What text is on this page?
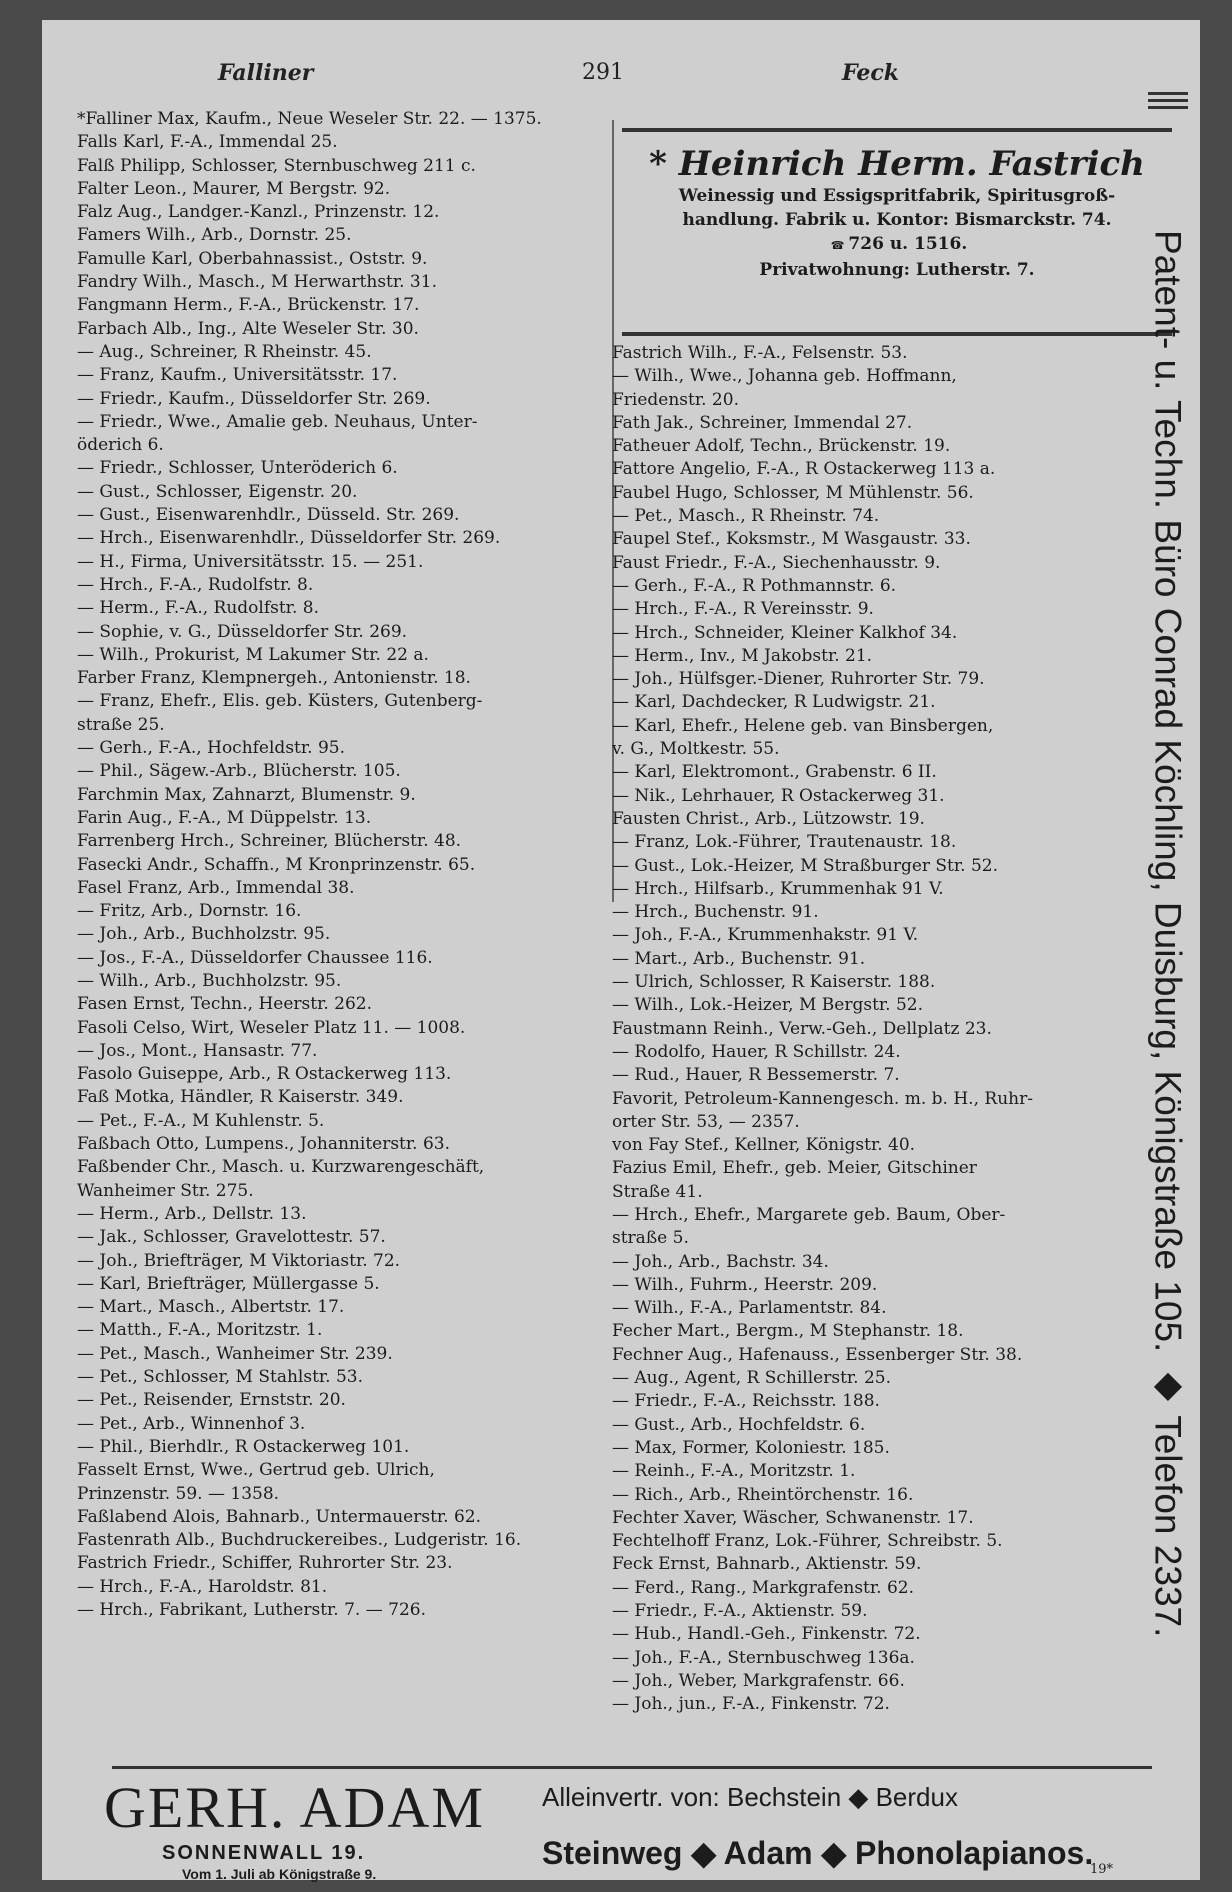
Falliner	291	Feck
*Falliner Max, Kaufm., Neue Weseler Str. 22. — 1375.
Falls Karl, F.-A., Immendal 25.
Falß Philipp, Schlosser, Sternbuschweg 211 c.
Falter Leon., Maurer, M Bergstr. 92.
Falz Aug., Landger.-Kanzl., Prinzenstr. 12.
Famers Wilh., Arb., Dornstr. 25.
Famulle Karl, Oberbahnassist., Oststr. 9.
Fandry Wilh., Masch., M Herwarthstr. 31.
Fangmann Herm., F.-A., Brückenstr. 17.
Farbach Alb., Ing., Alte Weseler Str. 30.
— Aug., Schreiner, R Rheinstr. 45.
— Franz, Kaufm., Universitätsstr. 17.
— Friedr., Kaufm., Düsseldorfer Str. 269.
— Friedr., Wwe., Amalie geb. Neuhaus, Unter-
öderich 6.
— Friedr., Schlosser, Unteröderich 6.
— Gust., Schlosser, Eigenstr. 20.
— Gust., Eisenwarenhdlr., Düsseld. Str. 269.
— Hrch., Eisenwarenhdlr., Düsseldorfer Str. 269.
— H., Firma, Universitätsstr. 15. — 251.
— Hrch., F.-A., Rudolfstr. 8.
— Herm., F.-A., Rudolfstr. 8.
— Sophie, v. G., Düsseldorfer Str. 269.
— Wilh., Prokurist, M Lakumer Str. 22 a.
Farber Franz, Klempnergeh., Antonienstr. 18.
— Franz, Ehefr., Elis. geb. Küsters, Gutenberg-
straße 25.
— Gerh., F.-A., Hochfeldstr. 95.
— Phil., Sägew.-Arb., Blücherstr. 105.
Farchmin Max, Zahnarzt, Blumenstr. 9.
Farin Aug., F.-A., M Düppelstr. 13.
Farrenberg Hrch., Schreiner, Blücherstr. 48.
Fasecki Andr., Schaffn., M Kronprinzenstr. 65.
Fasel Franz, Arb., Immendal 38.
— Fritz, Arb., Dornstr. 16.
— Joh., Arb., Buchholzstr. 95.
— Jos., F.-A., Düsseldorfer Chaussee 116.
— Wilh., Arb., Buchholzstr. 95.
Fasen Ernst, Techn., Heerstr. 262.
Fasoli Celso, Wirt, Weseler Platz 11. — 1008.
— Jos., Mont., Hansastr. 77.
Fasolo Guiseppe, Arb., R Ostackerweg 113.
Faß Motka, Händler, R Kaiserstr. 349.
— Pet., F.-A., M Kuhlenstr. 5.
Faßbach Otto, Lumpens., Johanniterstr. 63.
Faßbender Chr., Masch. u. Kurzwarengeschäft,
Wanheimer Str. 275.
— Herm., Arb., Dellstr. 13.
— Jak., Schlosser, Gravelottestr. 57.
— Joh., Briefträger, M Viktoriastr. 72.
— Karl, Briefträger, Müllergasse 5.
— Mart., Masch., Albertstr. 17.
— Matth., F.-A., Moritzstr. 1.
— Pet., Masch., Wanheimer Str. 239.
— Pet., Schlosser, M Stahlstr. 53.
— Pet., Reisender, Ernststr. 20.
— Pet., Arb., Winnenhof 3.
— Phil., Bierhdlr., R Ostackerweg 101.
Fasselt Ernst, Wwe., Gertrud geb. Ulrich,
Prinzenstr. 59. — 1358.
Faßlabend Alois, Bahnarb., Untermauerstr. 62.
Fastenrath Alb., Buchdruckereibes., Ludgeristr. 16.
Fastrich Friedr., Schiffer, Ruhrorter Str. 23.
— Hrch., F.-A., Haroldstr. 81.
— Hrch., Fabrikant, Lutherstr. 7. — 726.
* Heinrich Herm. Fastrich
Weinessig und Essigspritfabrik, Spiritusgroß-
handlung. Fabrik u. Kontor: Bismarckstr. 74.
☎ 726 u. 1516.
Privatwohnung: Lutherstr. 7.
Fastrich Wilh., F.-A., Felsenstr. 53.
— Wilh., Wwe., Johanna geb. Hoffmann,
Friedenstr. 20.
Fath Jak., Schreiner, Immendal 27.
Fatheuer Adolf, Techn., Brückenstr. 19.
Fattore Angelio, F.-A., R Ostackerweg 113 a.
Faubel Hugo, Schlosser, M Mühlenstr. 56.
— Pet., Masch., R Rheinstr. 74.
Faupel Stef., Koksmstr., M Wasgaustr. 33.
Faust Friedr., F.-A., Siechenhausstr. 9.
— Gerh., F.-A., R Pothmannstr. 6.
— Hrch., F.-A., R Vereinsstr. 9.
— Hrch., Schneider, Kleiner Kalkhof 34.
— Herm., Inv., M Jakobstr. 21.
— Joh., Hülfsger.-Diener, Ruhrorter Str. 79.
— Karl, Dachdecker, R Ludwigstr. 21.
— Karl, Ehefr., Helene geb. van Binsbergen,
v. G., Moltkestr. 55.
— Karl, Elektromont., Grabenstr. 6 II.
— Nik., Lehrhauer, R Ostackerweg 31.
Fausten Christ., Arb., Lützowstr. 19.
— Franz, Lok.-Führer, Trautenaustr. 18.
— Gust., Lok.-Heizer, M Straßburger Str. 52.
— Hrch., Hilfsarb., Krummenhak 91 V.
— Hrch., Buchenstr. 91.
— Joh., F.-A., Krummenhakstr. 91 V.
— Mart., Arb., Buchenstr. 91.
— Ulrich, Schlosser, R Kaiserstr. 188.
— Wilh., Lok.-Heizer, M Bergstr. 52.
Faustmann Reinh., Verw.-Geh., Dellplatz 23.
— Rodolfo, Hauer, R Schillstr. 24.
— Rud., Hauer, R Bessemerstr. 7.
Favorit, Petroleum-Kannengesch. m. b. H., Ruhr-
orter Str. 53, — 2357.
von Fay Stef., Kellner, Königstr. 40.
Fazius Emil, Ehefr., geb. Meier, Gitschiner
Straße 41.
— Hrch., Ehefr., Margarete geb. Baum, Ober-
straße 5.
— Joh., Arb., Bachstr. 34.
— Wilh., Fuhrm., Heerstr. 209.
— Wilh., F.-A., Parlamentstr. 84.
Fecher Mart., Bergm., M Stephanstr. 18.
Fechner Aug., Hafenauss., Essenberger Str. 38.
— Aug., Agent, R Schillerstr. 25.
— Friedr., F.-A., Reichsstr. 188.
— Gust., Arb., Hochfeldstr. 6.
— Max, Former, Koloniestr. 185.
— Reinh., F.-A., Moritzstr. 1.
— Rich., Arb., Rheintörchenstr. 16.
Fechter Xaver, Wäscher, Schwanenstr. 17.
Fechtelhoff Franz, Lok.-Führer, Schreibstr. 5.
Feck Ernst, Bahnarb., Aktienstr. 59.
— Ferd., Rang., Markgrafenstr. 62.
— Friedr., F.-A., Aktienstr. 59.
— Hub., Handl.-Geh., Finkenstr. 72.
— Joh., F.-A., Sternbuschweg 136a.
— Joh., Weber, Markgrafenstr. 66.
— Joh., jun., F.-A., Finkenstr. 72.
Patent- u. Techn. Büro Conrad Köchling, Duisburg, Königstraße 105. ◆ Telefon 2337.
GERH. ADAM
SONNENWALL 19.
Vom 1. Juli ab Königstraße 9.
Alleinvertr. von: Bechstein ◆ Berdux
Steinweg ◆ Adam ◆ Phonolapianos.
19*
